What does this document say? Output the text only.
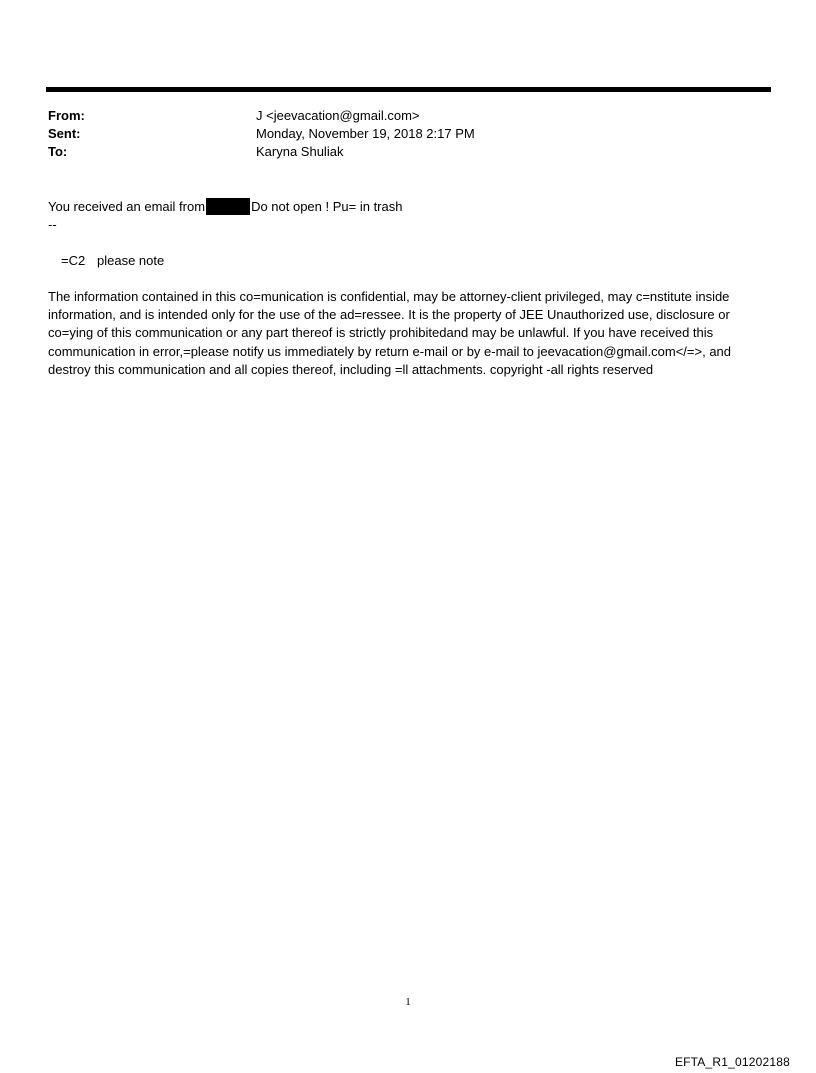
From:	J <jeevacation@gmail.com>
Sent:	Monday, November 19, 2018 2:17 PM
To:	Karyna Shuliak
You received an email from	Do not open ! Pu= in trash
--
=C2 please note
The information contained in this co=munication is confidential, may be attorney-client privileged, may c=nstitute inside information, and is intended only for the use of the ad=ressee. It is the property of JEE Unauthorized use, disclosure or co=ying of this communication or any part thereof is strictly prohibitedand may be unlawful. If you have received this communication in error,=please notify us immediately by return e-mail or by e-mail to jeevacation@gmail.com</=>, and destroy this communication and all copies thereof, including =ll attachments. copyright -all rights reserved
1
EFTA_R1_01202188
